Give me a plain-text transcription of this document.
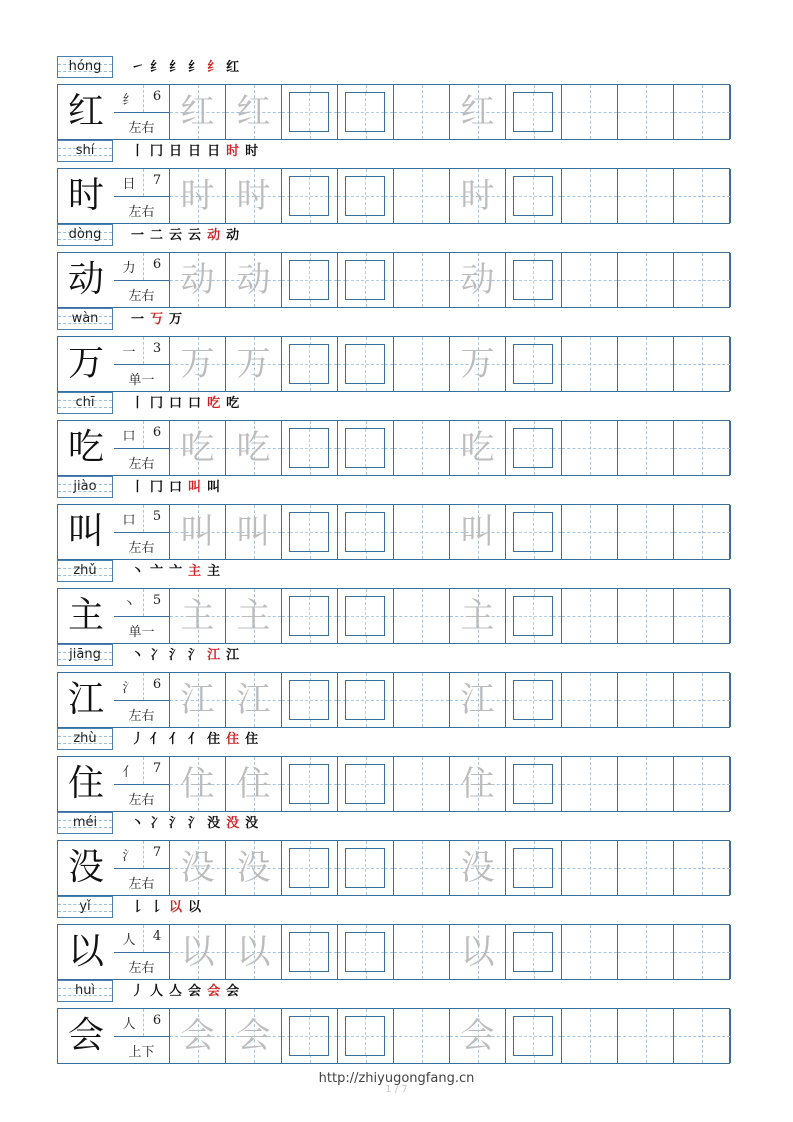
hóng	㇀ 纟 纟 纟 纟 红
红	纟	6
左右 红 红	红
shí	丨 冂 日 日 日 时 时
时	日	7
左右 时 时	时
dòng	一 二 云 云 动 动
动	力	6
左右 动 动	动
wàn	一 丂 万
万	一	3
单一 万 万	万
chī	丨 冂 口 口 吃 吃
吃	口	6
左右 吃 吃	吃
jiào	丨 冂 口 叫 叫
叫	口	5
左右 叫 叫	叫
zhǔ	丶 亠 亠 主 主
主	丶	5
单一 主 主	主
jiāng	丶 冫 氵 氵 江 江
江	氵	6
左右 江 江	江
zhù	丿 亻 亻 亻 住 住 住
住	亻	7
左右 住 住	住
méi	丶 冫 氵 氵 没 没 没
没	氵	7
左右 没 没	没
yǐ	𠄌 𠄌 以 以
以	人	4
左右 以 以	以
huì	丿 人 亼 会 会 会
会	人	6
上下 会 会	会
http://zhiyugongfang.cn
1 / 7
